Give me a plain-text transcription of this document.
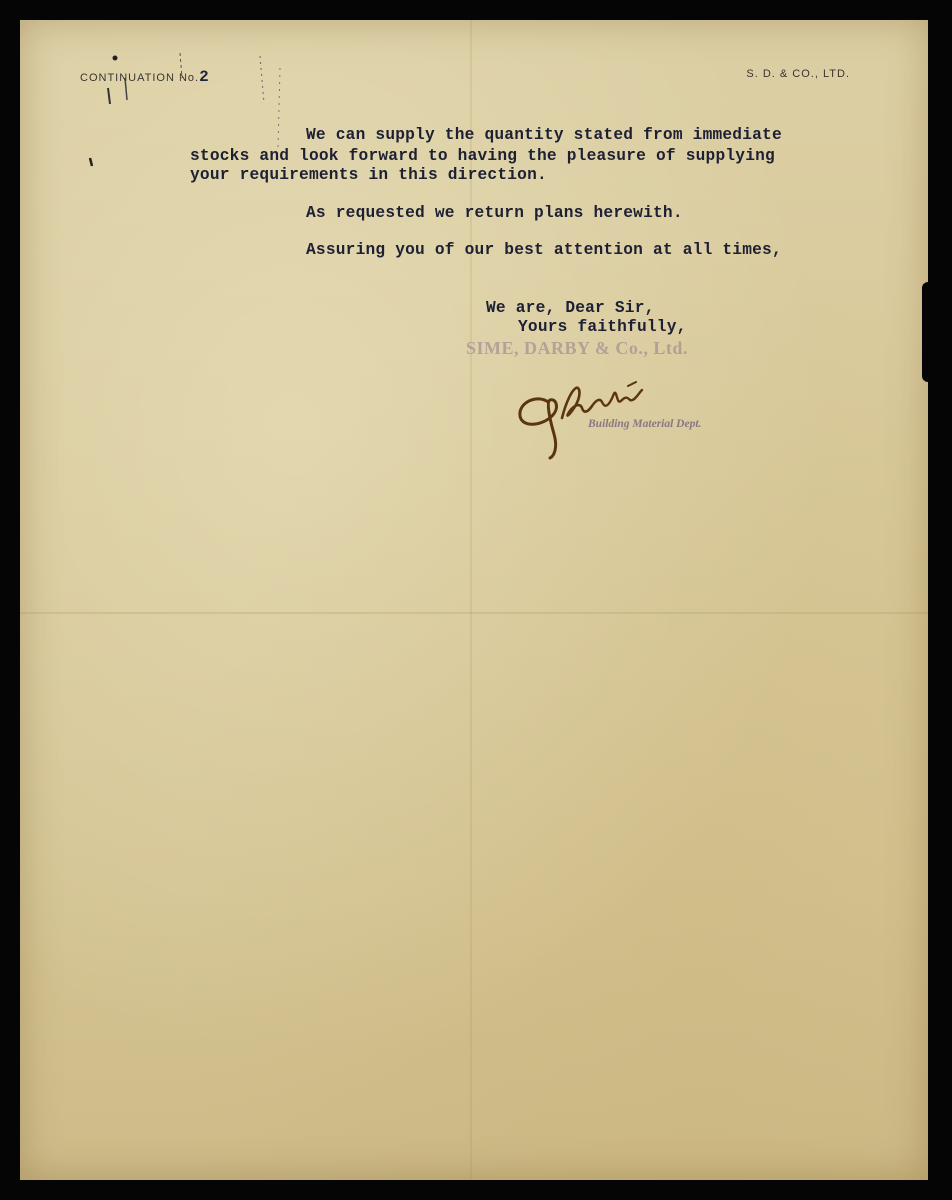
CONTINUATION No.2	S. D. & CO., LTD.
We can supply the quantity stated from immediate
stocks and look forward to having the pleasure of supplying
your requirements in this direction.
As requested we return plans herewith.
Assuring you of our best attention at all times,
We are, Dear Sir,
Yours faithfully,
SIME, DARBY & Co., Ltd.
Building Material Dept.
